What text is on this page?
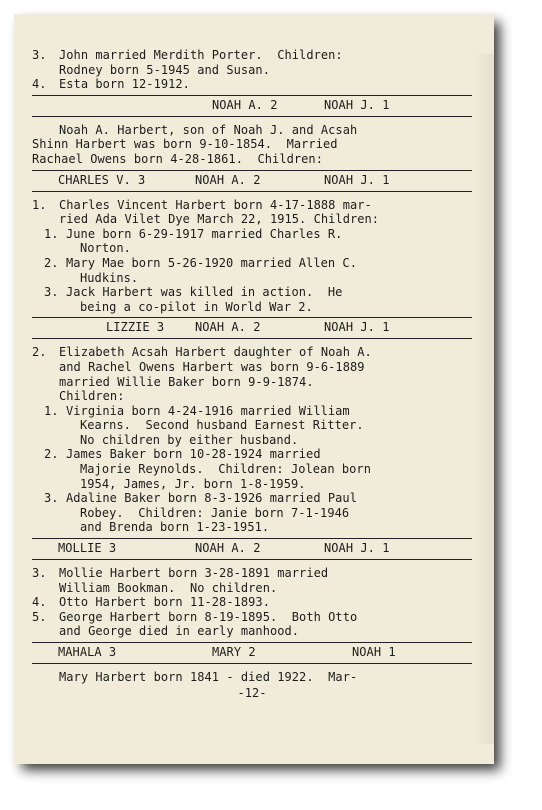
3. John married Merdith Porter.  Children:
Rodney born 5-1945 and Susan.
4. Esta born 12-1912.
NOAH A. 2	NOAH J. 1
Noah A. Harbert, son of Noah J. and Acsah
Shinn Harbert was born 9-10-1854.  Married
Rachael Owens born 4-28-1861.  Children:
CHARLES V. 3	NOAH A. 2	NOAH J. 1
1. Charles Vincent Harbert born 4-17-1888 mar-
ried Ada Vilet Dye March 22, 1915. Children:
1. June born 6-29-1917 married Charles R.
Norton.
2. Mary Mae born 5-26-1920 married Allen C.
Hudkins.
3. Jack Harbert was killed in action.  He
being a co-pilot in World War 2.
LIZZIE 3	NOAH A. 2	NOAH J. 1
2. Elizabeth Acsah Harbert daughter of Noah A.
and Rachel Owens Harbert was born 9-6-1889
married Willie Baker born 9-9-1874.
Children:
1. Virginia born 4-24-1916 married William
Kearns.  Second husband Earnest Ritter.
No children by either husband.
2. James Baker born 10-28-1924 married
Majorie Reynolds.  Children: Jolean born
1954, James, Jr. born 1-8-1959.
3. Adaline Baker born 8-3-1926 married Paul
Robey.  Children: Janie born 7-1-1946
and Brenda born 1-23-1951.
MOLLIE 3	NOAH A. 2	NOAH J. 1
3. Mollie Harbert born 3-28-1891 married
William Bookman.  No children.
4. Otto Harbert born 11-28-1893.
5. George Harbert born 8-19-1895.  Both Otto
and George died in early manhood.
MAHALA 3	MARY 2	NOAH 1
Mary Harbert born 1841 - died 1922.  Mar-
-12-
